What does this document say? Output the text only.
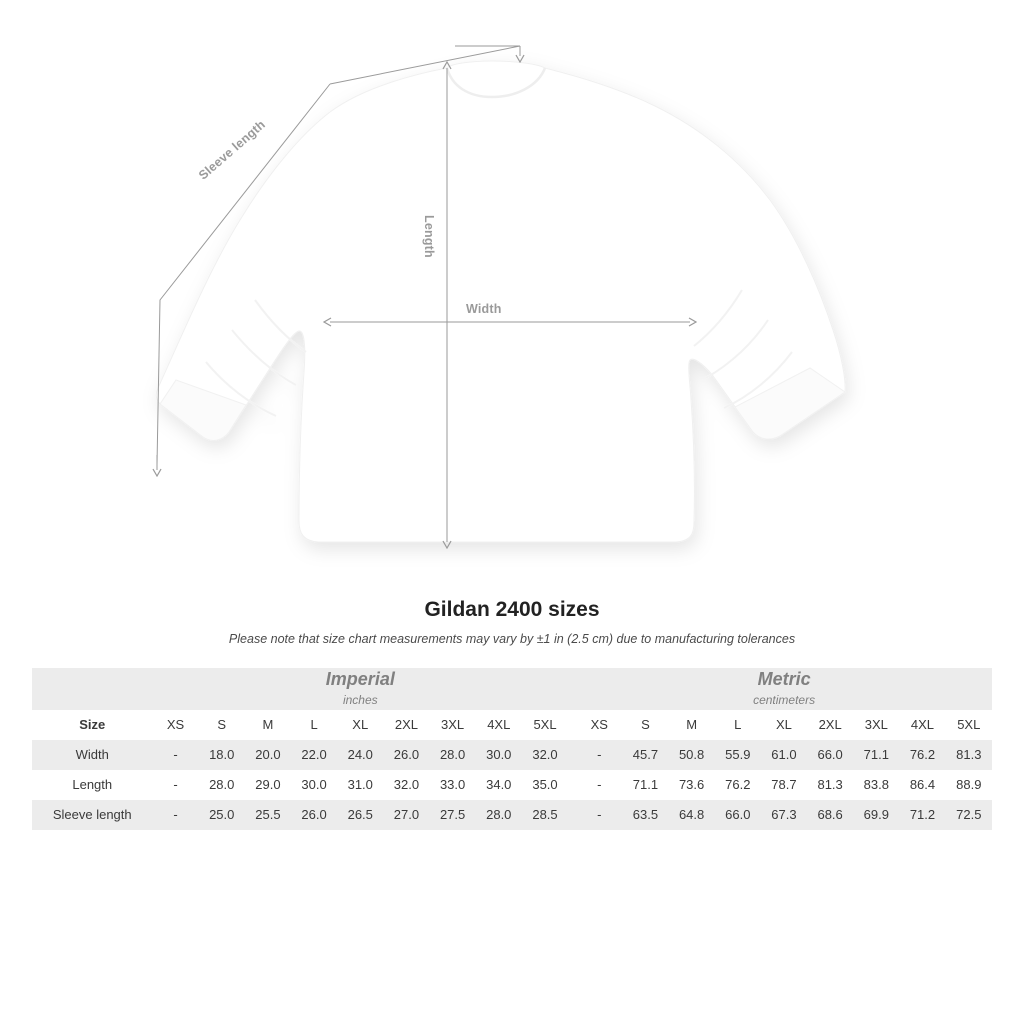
Width
Length
Sleeve length
Gildan 2400 sizes

Please note that size chart measurements may vary by ±1 in (2.5 cm) due to manufacturing tolerances

Imperial
inches

Metric
centimeters

Size	XS	S	M	L	XL	2XL	3XL	4XL	5XL		XS	S	M	L	XL	2XL	3XL	4XL	5XL
Width	-	18.0	20.0	22.0	24.0	26.0	28.0	30.0	32.0		-	45.7	50.8	55.9	61.0	66.0	71.1	76.2	81.3
Length	-	28.0	29.0	30.0	31.0	32.0	33.0	34.0	35.0		-	71.1	73.6	76.2	78.7	81.3	83.8	86.4	88.9
Sleeve length	-	25.0	25.5	26.0	26.5	27.0	27.5	28.0	28.5		-	63.5	64.8	66.0	67.3	68.6	69.9	71.2	72.5
